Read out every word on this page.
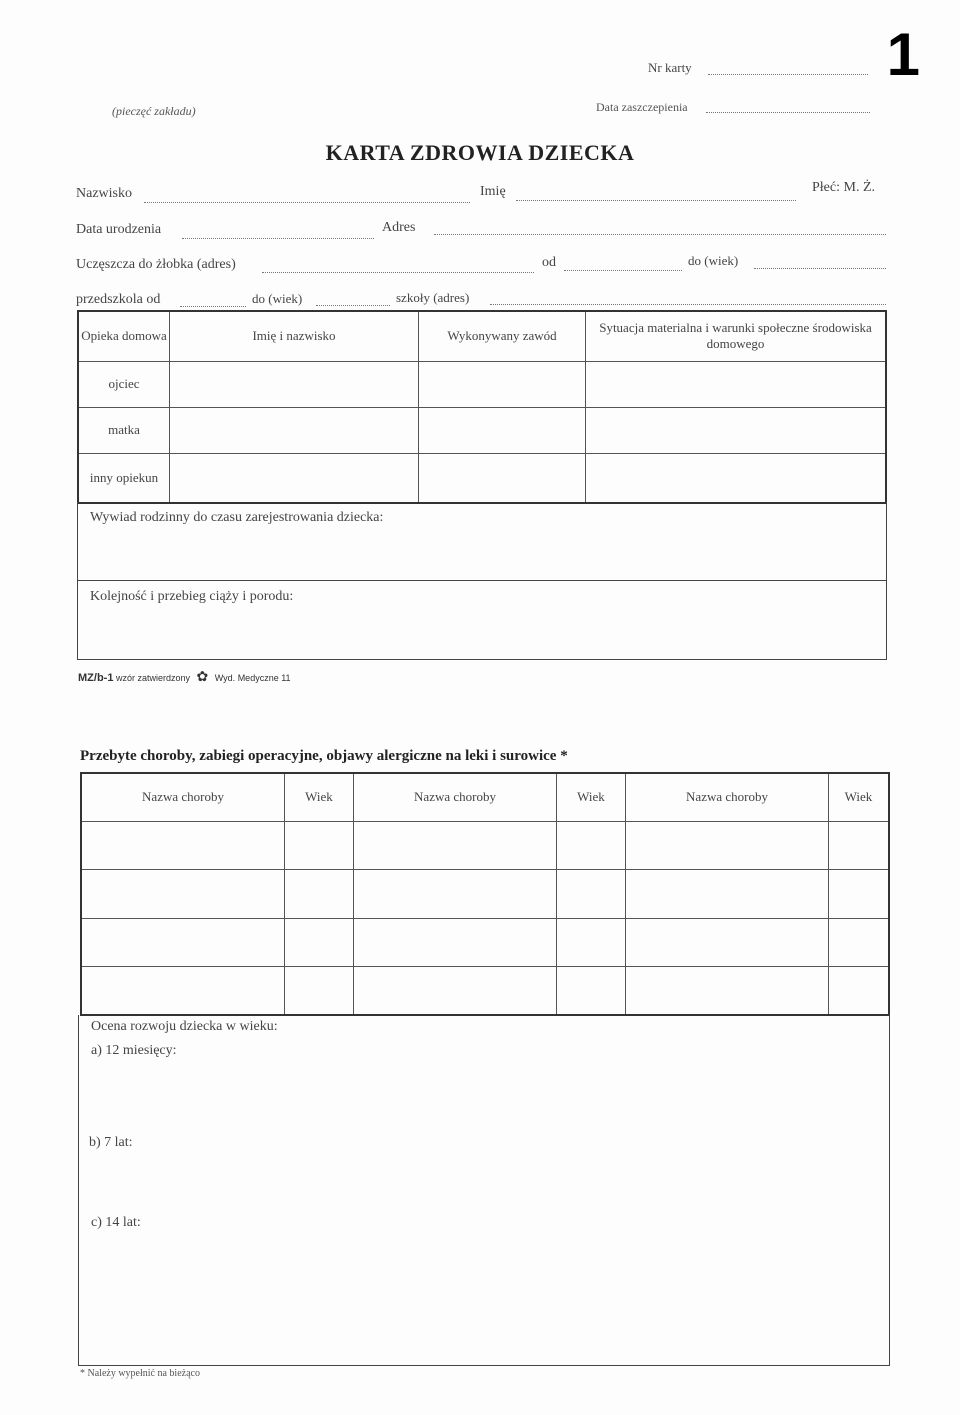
1
Nr karty
(pieczęć zakładu)	Data zaszczepienia
KARTA ZDROWIA DZIECKA
Nazwisko	Imię	Płeć: M. Ż.
Data urodzenia	Adres
Uczęszcza do żłobka (adres)	od	do (wiek)
przedszkola od	do (wiek)	szkoły (adres)
Opieka domowa	Imię i nazwisko	Wykonywany zawód	Sytuacja materialna i warunki społeczne środowiska domowego
ojciec			
matka			
inny opiekun			
Wywiad rodzinny do czasu zarejestrowania dziecka:
Kolejność i przebieg ciąży i porodu:
MZ/b-1 wzór zatwierdzony ✿ Wyd. Medyczne 11
Przebyte choroby, zabiegi operacyjne, objawy alergiczne na leki i surowice *
Nazwa choroby	Wiek	Nazwa choroby	Wiek	Nazwa choroby	Wiek

Ocena rozwoju dziecka w wieku:
a) 12 miesięcy:
b) 7 lat:
c) 14 lat:
* Należy wypełnić na bieżąco
